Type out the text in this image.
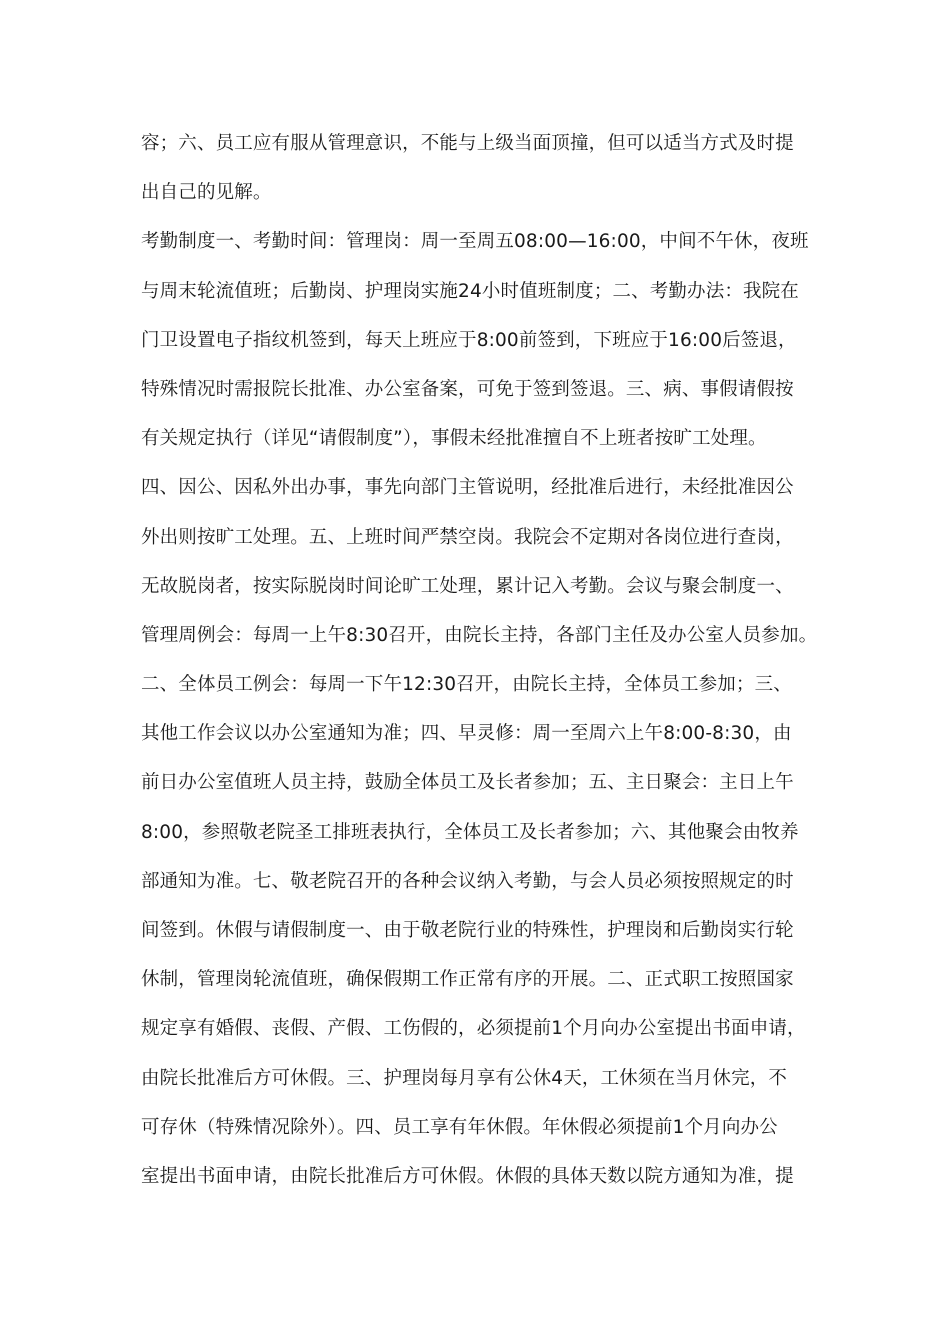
容；六、员工应有服从管理意识，不能与上级当面顶撞，但可以适当方式及时提
出自己的见解。
考勤制度一、考勤时间：管理岗：周一至周五08:00—16:00，中间不午休，夜班
与周末轮流值班；后勤岗、护理岗实施24小时值班制度；二、考勤办法：我院在
门卫设置电子指纹机签到，每天上班应于8:00前签到，下班应于16:00后签退，
特殊情况时需报院长批准、办公室备案，可免于签到签退。三、病、事假请假按
有关规定执行（详见“请假制度”），事假未经批准擅自不上班者按旷工处理。
四、因公、因私外出办事，事先向部门主管说明，经批准后进行，未经批准因公
外出则按旷工处理。五、上班时间严禁空岗。我院会不定期对各岗位进行查岗，
无故脱岗者，按实际脱岗时间论旷工处理，累计记入考勤。会议与聚会制度一、
管理周例会：每周一上午8:30召开，由院长主持，各部门主任及办公室人员参加。
二、全体员工例会：每周一下午12:30召开，由院长主持，全体员工参加；三、
其他工作会议以办公室通知为准；四、早灵修：周一至周六上午8:00-8:30，由
前日办公室值班人员主持，鼓励全体员工及长者参加；五、主日聚会：主日上午
8:00，参照敬老院圣工排班表执行，全体员工及长者参加；六、其他聚会由牧养
部通知为准。七、敬老院召开的各种会议纳入考勤，与会人员必须按照规定的时
间签到。休假与请假制度一、由于敬老院行业的特殊性，护理岗和后勤岗实行轮
休制，管理岗轮流值班，确保假期工作正常有序的开展。二、正式职工按照国家
规定享有婚假、丧假、产假、工伤假的，必须提前1个月向办公室提出书面申请，
由院长批准后方可休假。三、护理岗每月享有公休4天，工休须在当月休完，不
可存休（特殊情况除外）。四、员工享有年休假。年休假必须提前1个月向办公
室提出书面申请，由院长批准后方可休假。休假的具体天数以院方通知为准，提
